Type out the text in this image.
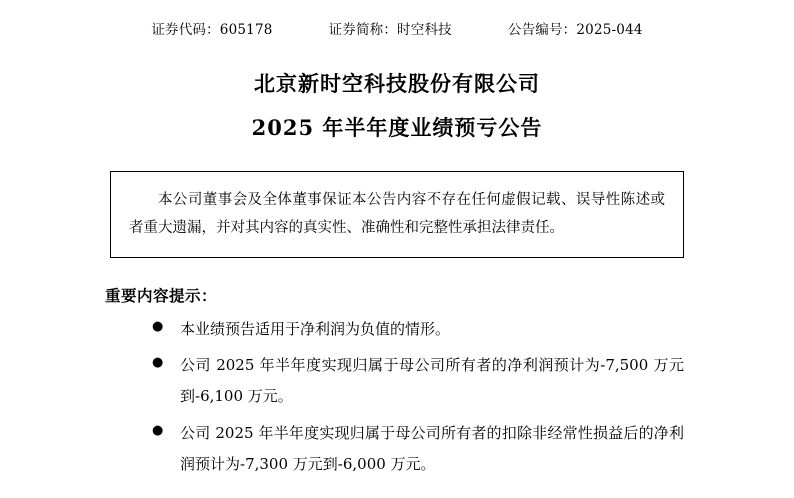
证券代码：605178	证券简称：时空科技	公告编号：2025-044
北京新时空科技股份有限公司
2025 年半年度业绩预亏公告

本公司董事会及全体董事保证本公告内容不存在任何虚假记载、误导性陈述或者重大遗漏，并对其内容的真实性、准确性和完整性承担法律责任。

重要内容提示：
●	本业绩预告适用于净利润为负值的情形。
●	公司 2025 年半年度实现归属于母公司所有者的净利润预计为-7,500 万元到-6,100 万元。
●	公司 2025 年半年度实现归属于母公司所有者的扣除非经常性损益后的净利润预计为-7,300 万元到-6,000 万元。
